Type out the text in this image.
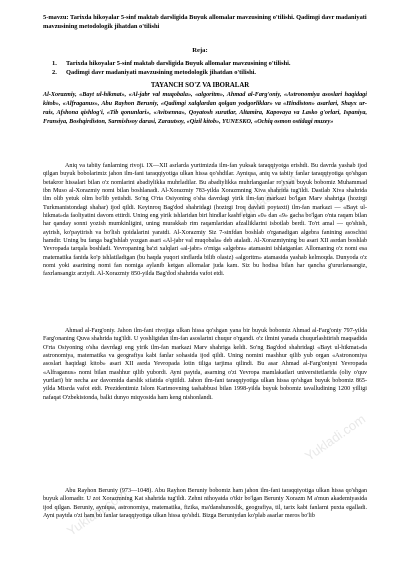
Yukladi.com
Yukladi.com
Yukladi.com
5-mavzu: Tarixda hikoyalar 5-sinf maktab darsligida Buyuk allomalar mavzusining o'tilishi. Qadimgi davr madaniyati mavzusining metodologik jihatdan o'tilishi
Reja:
1. Tarixda hikoyalar 5-sinf maktab darsligida Buyuk allomalar mavzusining o'tilishi.
2. Qadimgi davr madaniyati mavzusining metodologik jihatdan o'tilishi.
TAYANCH SO'Z VA IBORALAR
Al-Xorazmiy, «Bayt ul-hikmat», «Al-jabr val muqobala», «algoritm», Ahmad al-Farg'oniy, «Astronomiya asoslari haqidagi kitob», «Alfraganus», Abu Rayhon Beruniy, «Qadimgi xalqlardan qolgan yodgorliklar» va «Hindiston» asarlari, Shayx ur-rais, Afshona qishlog'i, «Tib qonunlari», «Avitsenna», Qoyatosh suratlar, Altamira, Kapovaya va Lasko g'orlari, Ispaniya, Fransiya, Boshqirdiston, Sarmishsoy darasi, Zarautsoy, «Qizil kitob», YUNESKO, «Ochiq osmon ostidagi muzey»

Aniq va tabiiy fanlarning rivoji. IX—XII asrlarda yurtimizda ilm-fan yuksak taraqqiyotga erishdi. Bu davrda yashab ijod qilgan buyuk bobolarimiz jahon ilm-fani taraqqiyotiga ulkan hissa qo'shdilar. Ayniqsa, aniq va tabiiy fanlar taraqqiyotiga qo'shgan betakror hissalari bilan o'z nomlarini abadiylikka muhrladilar. Bu abadiylikka muhrlanganlar ro'yxati buyuk bobomiz Muhammad ibn Muso al-Xorazmiy nomi bilan boshlanadi. Al-Xorazmiy 783-yilda Xorazmning Xiva shahrida tug'ildi. Dastlab Xiva shahrida ilm olib yetuk olim bo'lib yetishdi. So'ng O'rta Osiyoning o'sha davrdagi yirik ilm-fan markazi bo'lgan Marv shahriga (hozirgi Turkmanistondagi shahar) ijod qildi. Keyinroq Bag'dod shahridagi (hozirgi Iroq davlati poytaxti) ilm-fan markazi — «Bayt ul-hikmat»da faoliyatini davom ettirdi. Uning eng yirik ishlaridan biri hindlar kashf etgan «0» dan «9» gacha bo'lgan o'nta raqam bilan har qanday sonni yozish mumkinligini, uning murakkab rim raqamlaridan afzalliklarini isbotlab berdi. To'rt amal — qo'shish, ayirish, ko'paytirish va bo'lish qoidalarini yaratdi. Al-Xorazmiy Siz 7-sinfdan boshlab o'rganadigan algebra fanining asoschisi hamdir. Uning bu fanga bag'ishlab yozgan asari «Al-jabr val muqobala» deb ataladi. Al-Xorazmiyning bu asari XII asrdan boshlab Yevropada tarqala boshladi. Yevropaning ba'zi xalqlari «al-jabr» o'rniga «algebra» atamasini ishlatganlar. Allomaning o'z nomi esa matematika fanida ko'p ishlatiladigan (bu haqda yuqori sinflarda bilib olasiz) «algoritm» atamasida yashab kelmoqda. Dunyoda o'z nomi yoki asarining nomi fan nomiga aylanib ketgan allomalar juda kam. Siz bu hodisa bilan har qancha g'ururlansangiz, faxrlansangiz arziydi. Al-Xorazmiy 850-yilda Bag'dod shahrida vafot etdi.

Ahmad al-Farg'oniy. Jahon ilm-fani rivojiga ulkan hissa qo'shgan yana bir buyuk bobomiz Ahmad al-Farg'oniy 797-yilda Farg'onaning Quva shahrida tug'ildi. U yoshligidan ilm-fan asoslarini chuqur o'rgandi. o'z ilmini yanada chuqurlashtirish maqsadida O'rta Osiyoning o'sha davrdagi eng yirik ilm-fan markazi Marv shahriga keldi. So'ng Bag'dod shahridagi «Bayt ul-hikmat»da astronomiya, matematika va geografiya kabi fanlar sohasida ijod qildi. Uning nomini mashhur qilib yub organ «Astronomiya asoslari haqidagi kitob» asari XII asrda Yevropada lotin tiliga tarjima qilindi. Bu asar Ahmad al-Farg'oniyni Yevropada «Alfraganus» nomi bilan mashhur qilib yubordi. Ayni paytda, asarning o'zi Yevropa mamlakatlari universitetlarida (oliy o'quv yurtlari) bir necha asr davomida darslik sifatida o'qitildi. Jahon ilm-fani taraqqiyotiga ulkan hissa qo'shgan buyuk bobomiz 865-yilda Misrda vafot etdi. Prezidentimiz Islom Karimovning tashabbusi bilan 1998-yilda buyuk bobomiz tavalludining 1200 yilligi nafaqat O'zbekistonda, balki dunyo miqyosida ham keng nishonlandi.

Abu Rayhon Beruniy (973—1048). Abu Rayhon Beruniy bobomiz ham jahon ilm-fani taraqqiyotiga ulkan hissa qo'shgan buyuk allomadir. U zot Xorazmning Kat shahrida tug'ildi. Zehni nihoyatda o'tkir bo'lgan Beruniy Xorazm M a'mun akademiyasida ijod qilgan. Beruniy, ayniqsa, astronomiya, matematika, fizika, ma'danshunoslik, geografiya, til, tarix kabi fanlarni puxta egalladi. Ayni paytda o'zi ham bu fanlar taraqqiyotiga ulkan hissa qo'shdi. Bizga Beruniydan ko'plab asarlar meros bo'lib
